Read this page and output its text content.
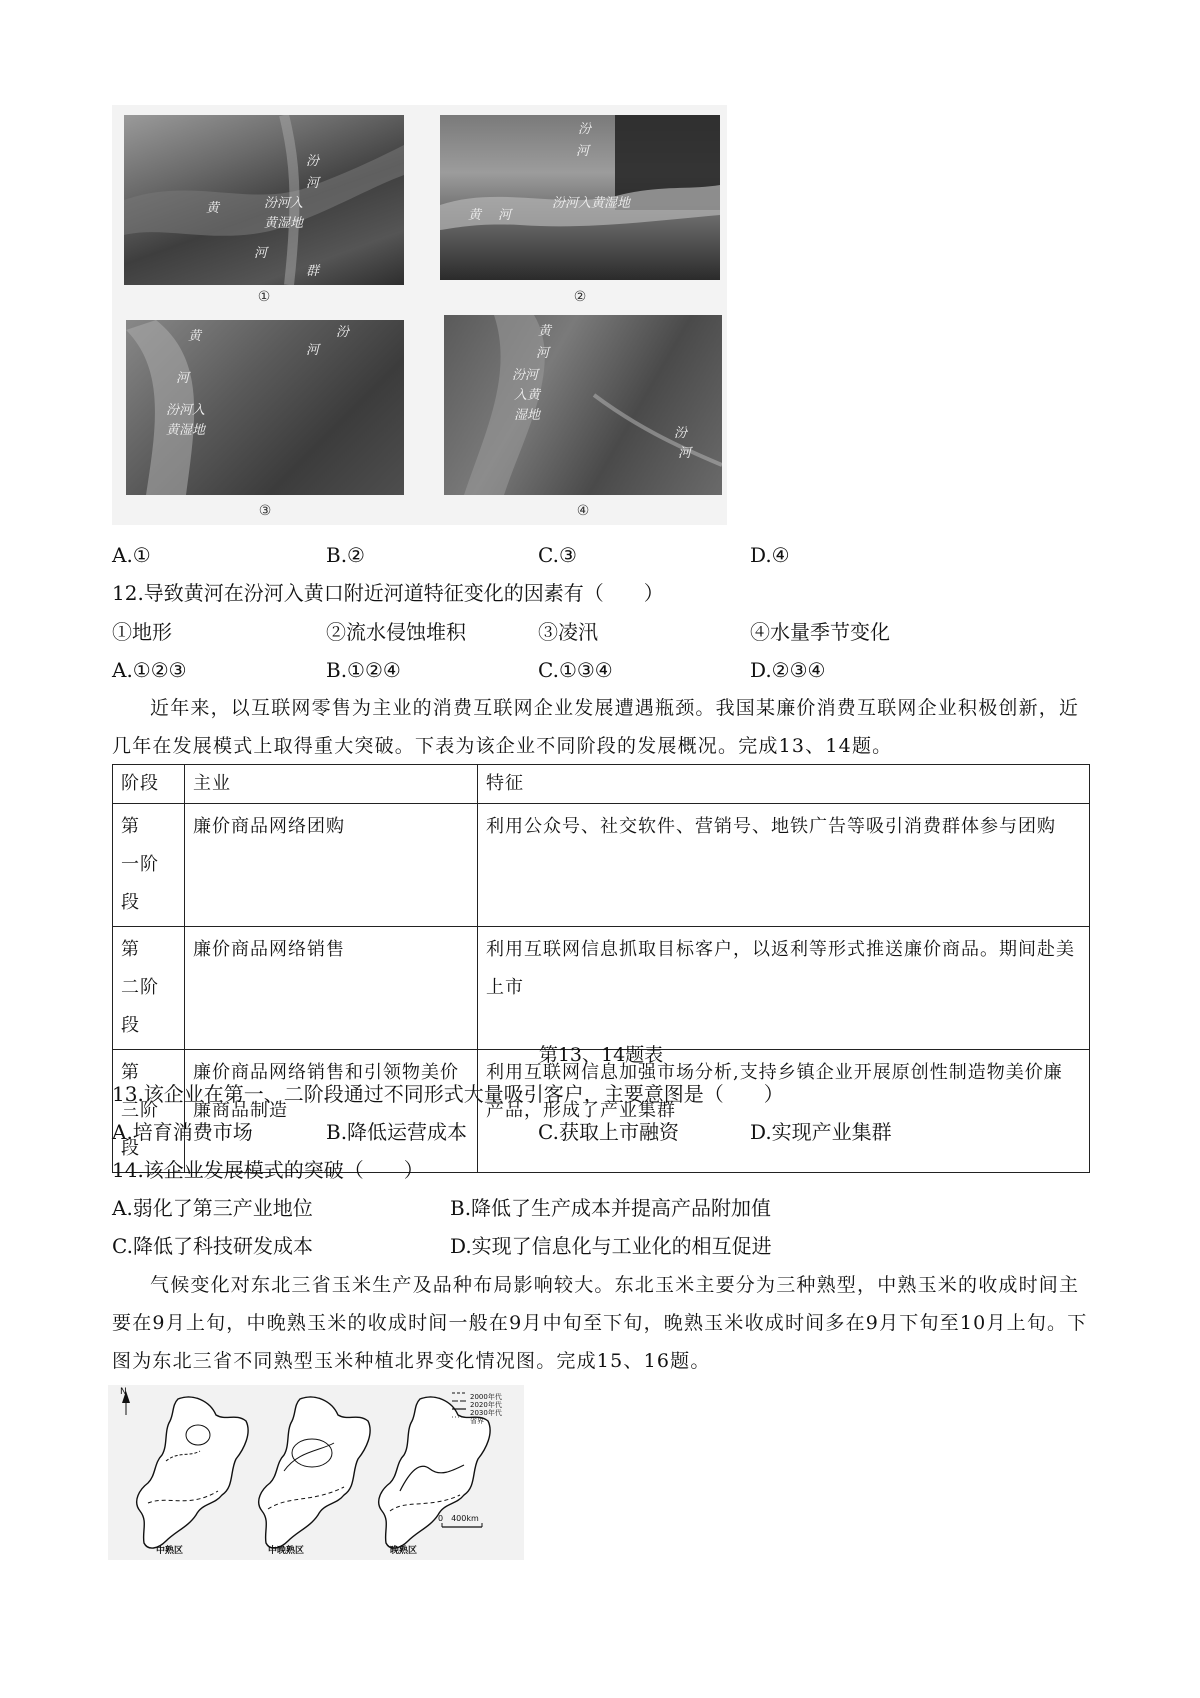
汾
河
汾河入
黄湿地
黄
河
群
①
汾
河
汾河入黄湿地
黄 河
②
黄
河
汾
河
汾河入
黄湿地
③
黄
河
汾河
入黄
湿地
汾
河
④
A.①	B.②	C.③	D.④
12.导致黄河在汾河入黄口附近河道特征变化的因素有（　　）
①地形	②流水侵蚀堆积	③凌汛	④水量季节变化
A.①②③	B.①②④	C.①③④	D.②③④
近年来，以互联网零售为主业的消费互联网企业发展遭遇瓶颈。我国某廉价消费互联网企业积极创新，近几年在发展模式上取得重大突破。下表为该企业不同阶段的发展概况。完成13、14题。
阶段	主业	特征
第　一阶段	廉价商品网络团购	利用公众号、社交软件、营销号、地铁广告等吸引消费群体参与团购
第　二阶段	廉价商品网络销售	利用互联网信息抓取目标客户，以返利等形式推送廉价商品。期间赴美上市
第　三阶段	廉价商品网络销售和引领物美价廉商品制造	利用互联网信息加强市场分析,支持乡镇企业开展原创性制造物美价廉产品，形成了产业集群
第13、14题表
13.该企业在第一、二阶段通过不同形式大量吸引客户，主要意图是（　　）
A.培育消费市场	B.降低运营成本	C.获取上市融资	D.实现产业集群
14.该企业发展模式的突破（　　）
A.弱化了第三产业地位	B.降低了生产成本并提高产品附加值
C.降低了科技研发成本	D.实现了信息化与工业化的相互促进
气候变化对东北三省玉米生产及品种布局影响较大。东北玉米主要分为三种熟型，中熟玉米的收成时间主要在9月上旬，中晚熟玉米的收成时间一般在9月中旬至下旬，晚熟玉米收成时间多在9月下旬至10月上旬。下图为东北三省不同熟型玉米种植北界变化情况图。完成15、16题。
N	2000年代
2020年代
2030年代
省界
0　400km
中熟区	中晚熟区	晚熟区
